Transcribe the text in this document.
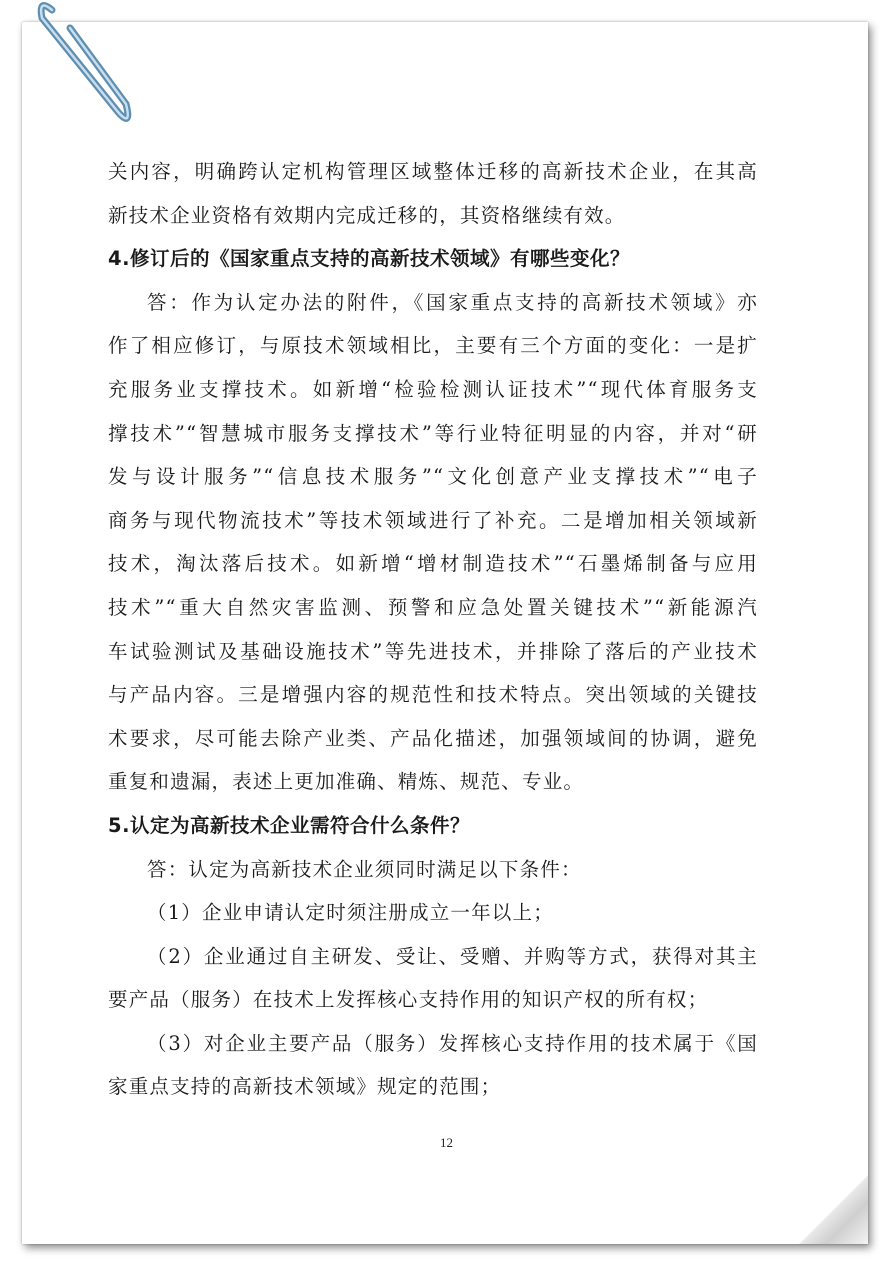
关内容，明确跨认定机构管理区域整体迁移的高新技术企业，在其高
新技术企业资格有效期内完成迁移的，其资格继续有效。
4.修订后的《国家重点支持的高新技术领域》有哪些变化？
答：作为认定办法的附件，《国家重点支持的高新技术领域》亦
作了相应修订，与原技术领域相比，主要有三个方面的变化：一是扩
充服务业支撑技术。如新增“检验检测认证技术”“现代体育服务支
撑技术”“智慧城市服务支撑技术”等行业特征明显的内容，并对“研
发与设计服务”“信息技术服务”“文化创意产业支撑技术”“电子
商务与现代物流技术”等技术领域进行了补充。二是增加相关领域新
技术，淘汰落后技术。如新增“增材制造技术”“石墨烯制备与应用
技术”“重大自然灾害监测、预警和应急处置关键技术”“新能源汽
车试验测试及基础设施技术”等先进技术，并排除了落后的产业技术
与产品内容。三是增强内容的规范性和技术特点。突出领域的关键技
术要求，尽可能去除产业类、产品化描述，加强领域间的协调，避免
重复和遗漏，表述上更加准确、精炼、规范、专业。
5.认定为高新技术企业需符合什么条件？
答：认定为高新技术企业须同时满足以下条件：
（1）企业申请认定时须注册成立一年以上；
（2）企业通过自主研发、受让、受赠、并购等方式，获得对其主
要产品（服务）在技术上发挥核心支持作用的知识产权的所有权；
（3）对企业主要产品（服务）发挥核心支持作用的技术属于《国
家重点支持的高新技术领域》规定的范围；
12
